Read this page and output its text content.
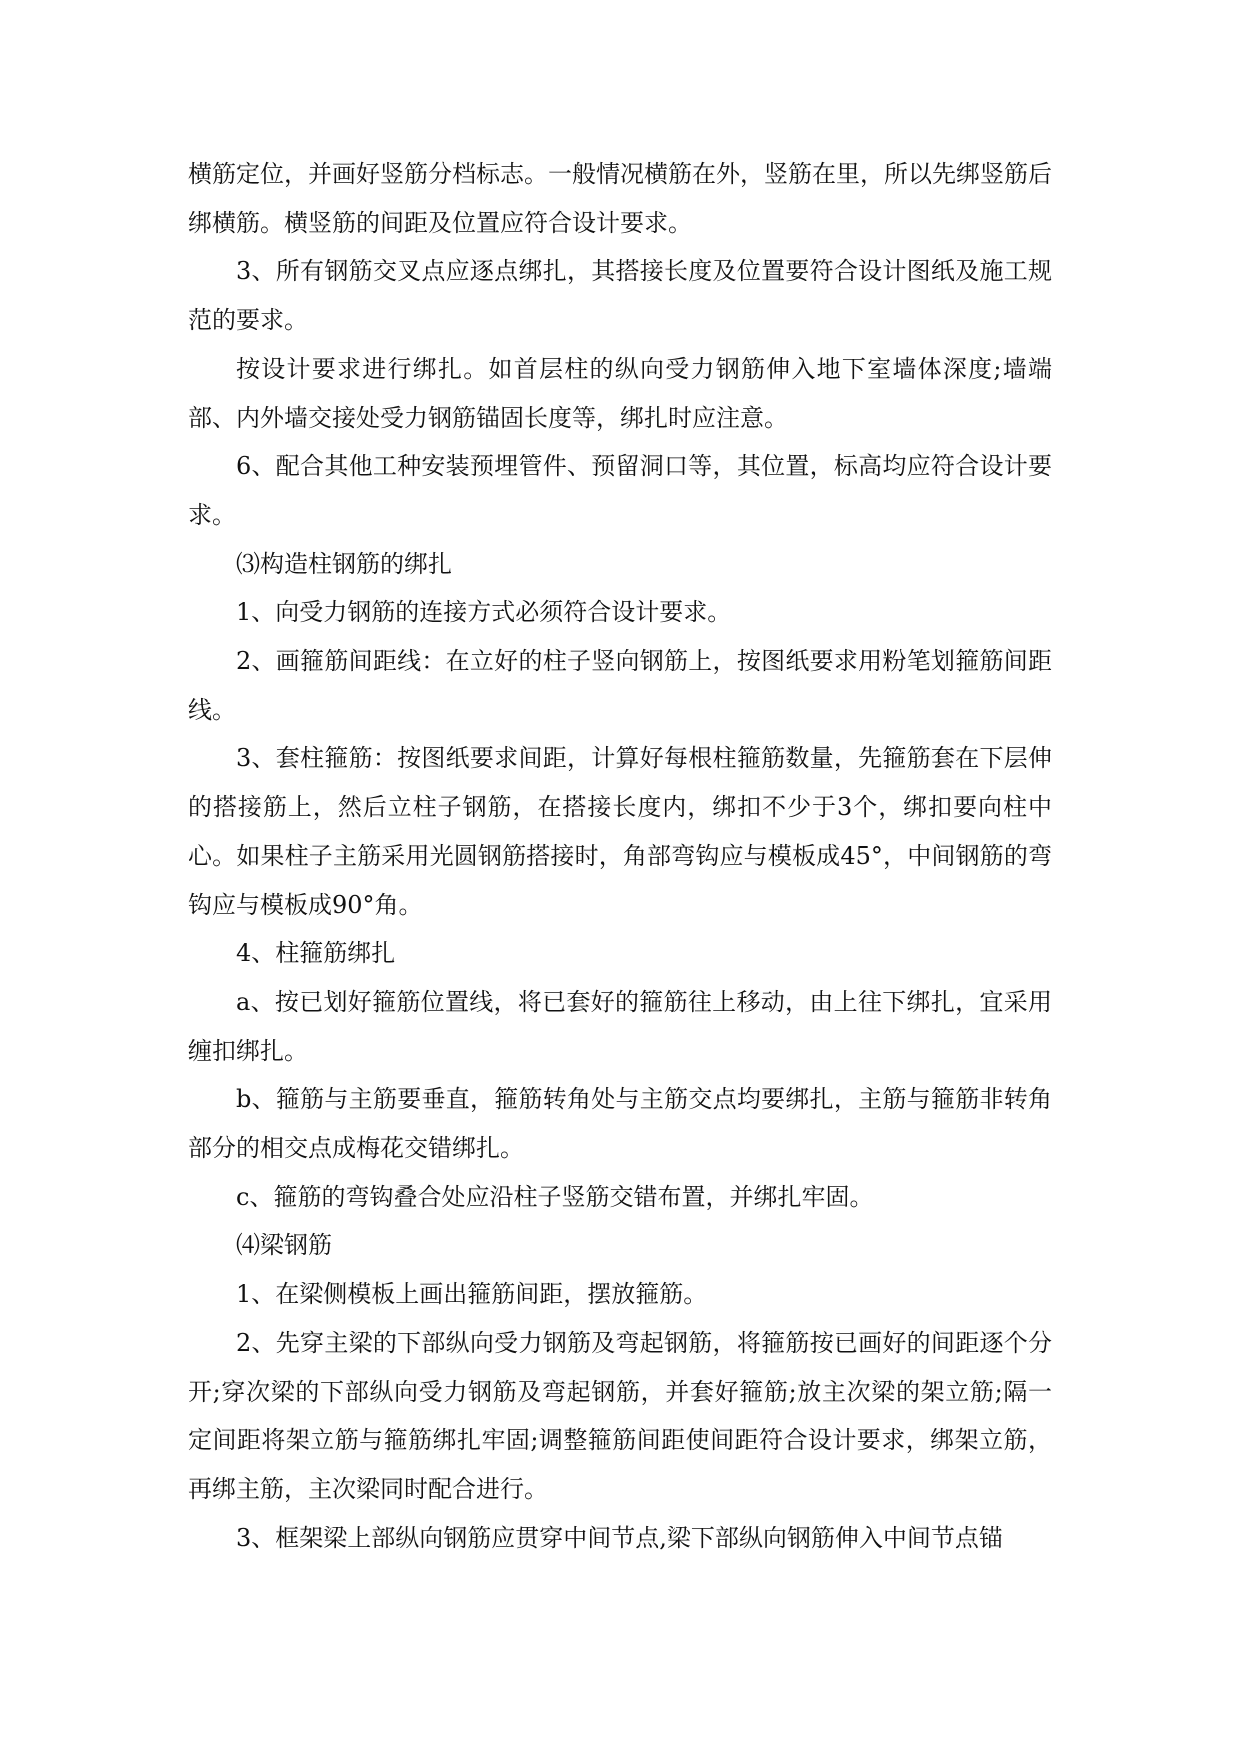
横筋定位，并画好竖筋分档标志。一般情况横筋在外，竖筋在里，所以先绑竖筋后绑横筋。横竖筋的间距及位置应符合设计要求。

3、所有钢筋交叉点应逐点绑扎，其搭接长度及位置要符合设计图纸及施工规范的要求。

按设计要求进行绑扎。如首层柱的纵向受力钢筋伸入地下室墙体深度;墙端部、内外墙交接处受力钢筋锚固长度等，绑扎时应注意。

6、配合其他工种安装预埋管件、预留洞口等，其位置，标高均应符合设计要求。

⑶构造柱钢筋的绑扎

1、向受力钢筋的连接方式必须符合设计要求。

2、画箍筋间距线：在立好的柱子竖向钢筋上，按图纸要求用粉笔划箍筋间距线。

3、套柱箍筋：按图纸要求间距，计算好每根柱箍筋数量，先箍筋套在下层伸的搭接筋上，然后立柱子钢筋，在搭接长度内，绑扣不少于3个，绑扣要向柱中心。如果柱子主筋采用光圆钢筋搭接时，角部弯钩应与模板成45°，中间钢筋的弯钩应与模板成90°角。

4、柱箍筋绑扎

a、按已划好箍筋位置线，将已套好的箍筋往上移动，由上往下绑扎，宜采用缠扣绑扎。

b、箍筋与主筋要垂直，箍筋转角处与主筋交点均要绑扎，主筋与箍筋非转角部分的相交点成梅花交错绑扎。

c、箍筋的弯钩叠合处应沿柱子竖筋交错布置，并绑扎牢固。

⑷梁钢筋

1、在梁侧模板上画出箍筋间距，摆放箍筋。

2、先穿主梁的下部纵向受力钢筋及弯起钢筋，将箍筋按已画好的间距逐个分开;穿次梁的下部纵向受力钢筋及弯起钢筋，并套好箍筋;放主次梁的架立筋;隔一定间距将架立筋与箍筋绑扎牢固;调整箍筋间距使间距符合设计要求，绑架立筋，再绑主筋，主次梁同时配合进行。

3、框架梁上部纵向钢筋应贯穿中间节点,梁下部纵向钢筋伸入中间节点锚
